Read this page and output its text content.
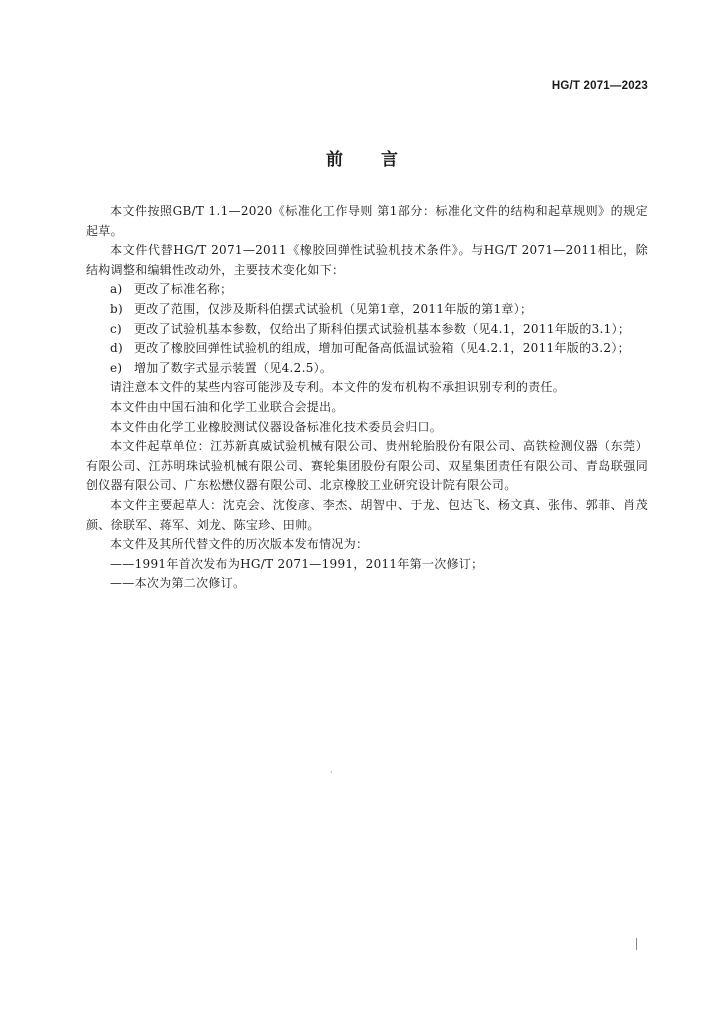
HG/T 2071—2023
前言

本文件按照GB/T 1.1—2020《标准化工作导则 第1部分：标准化文件的结构和起草规则》的规定起草。

本文件代替HG/T 2071—2011《橡胶回弹性试验机技术条件》。与HG/T 2071—2011相比，除结构调整和编辑性改动外，主要技术变化如下：

a) 更改了标准名称；
b) 更改了范围，仅涉及斯科伯摆式试验机（见第1章，2011年版的第1章）；
c) 更改了试验机基本参数，仅给出了斯科伯摆式试验机基本参数（见4.1，2011年版的3.1）；
d) 更改了橡胶回弹性试验机的组成，增加可配备高低温试验箱（见4.2.1，2011年版的3.2）；
e) 增加了数字式显示装置（见4.2.5）。

请注意本文件的某些内容可能涉及专利。本文件的发布机构不承担识别专利的责任。

本文件由中国石油和化学工业联合会提出。

本文件由化学工业橡胶测试仪器设备标准化技术委员会归口。

本文件起草单位：江苏新真威试验机械有限公司、贵州轮胎股份有限公司、高铁检测仪器（东莞）有限公司、江苏明珠试验机械有限公司、赛轮集团股份有限公司、双星集团责任有限公司、青岛联强同创仪器有限公司、广东松懋仪器有限公司、北京橡胶工业研究设计院有限公司。

本文件主要起草人：沈克会、沈俊彦、李杰、胡智中、于龙、包达飞、杨文真、张伟、郭菲、肖茂颜、徐联军、蒋军、刘龙、陈宝珍、田帅。

本文件及其所代替文件的历次版本发布情况为：

——1991年首次发布为HG/T 2071—1991，2011年第一次修订；
——本次为第二次修订。
·
